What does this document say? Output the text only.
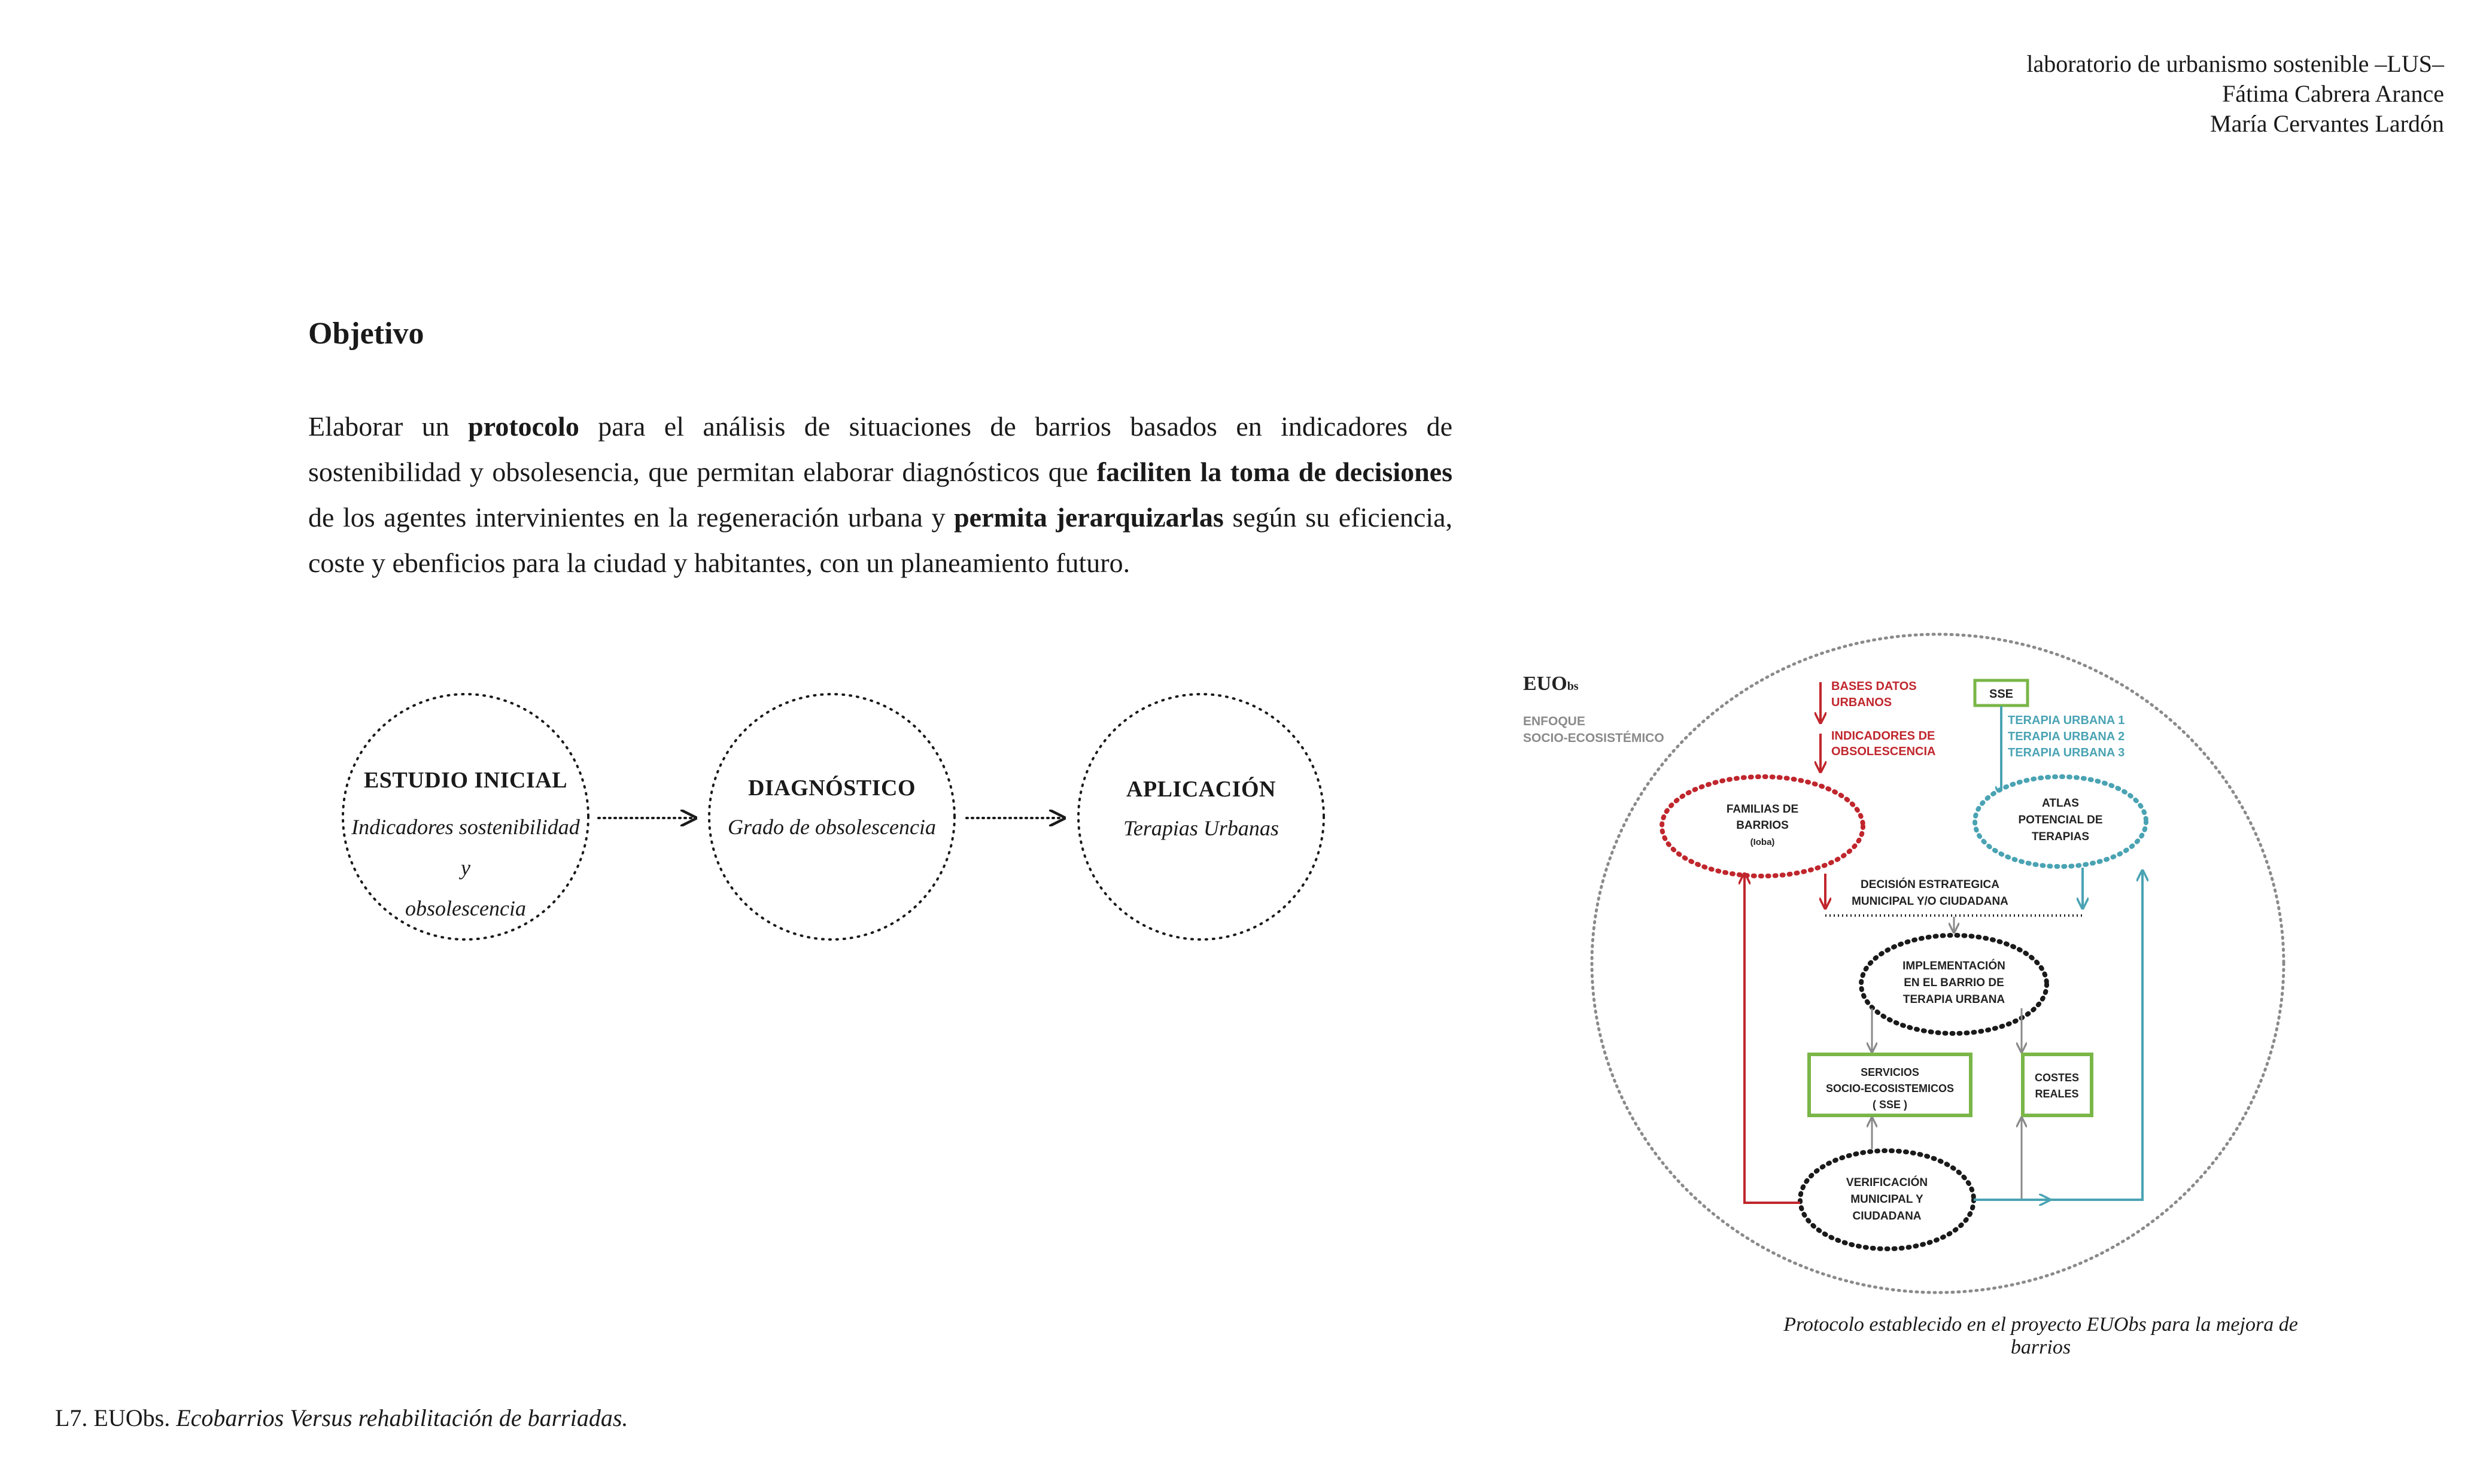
laboratorio de urbanismo sostenible –LUS–
Fátima Cabrera Arance
María Cervantes Lardón
Objetivo

Elaborar un protocolo para el análisis de situaciones de barrios basados en indicadores de sostenibilidad y obsolesencia, que permitan elaborar diagnósticos que faciliten la toma de decisiones de los agentes intervinientes en la regeneración urbana y permita jerarquizarlas según su eficiencia, coste y ebenficios para la ciudad y habitantes, con un planeamiento futuro.

ESTUDIO INICIAL
Indicadores sostenibilidad y
obsolescencia
DIAGNÓSTICO
Grado de obsolescencia
APLICACIÓN
Terapias Urbanas
EUObs
ENFOQUE
SOCIO-ECOSISTÉMICO
BASES DATOS
URBANOS
INDICADORES DE
OBSOLESCENCIA
SSE
TERAPIA URBANA 1
TERAPIA URBANA 2
TERAPIA URBANA 3
FAMILIAS DE
BARRIOS
(Ioba)
ATLAS
POTENCIAL DE
TERAPIAS
DECISIÓN ESTRATEGICA
MUNICIPAL Y/O CIUDADANA
IMPLEMENTACIÓN
EN EL BARRIO DE
TERAPIA URBANA
SERVICIOS
SOCIO-ECOSISTEMICOS
( SSE )
COSTES
REALES
VERIFICACIÓN
MUNICIPAL Y
CIUDADANA
Protocolo establecido en el proyecto EUObs para la mejora de barrios
L7. EUObs. Ecobarrios Versus rehabilitación de barriadas.
